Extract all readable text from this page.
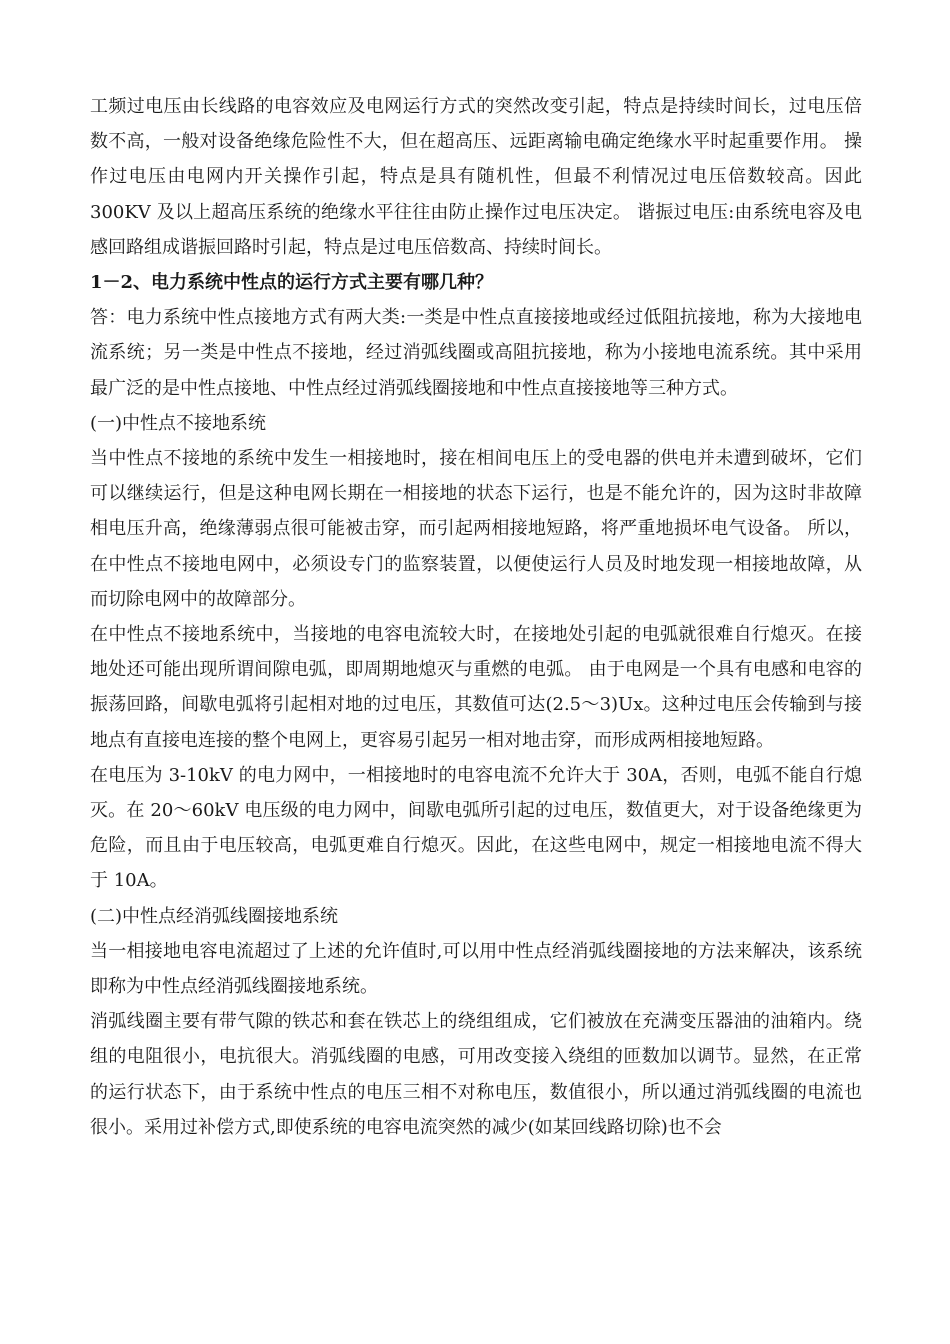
工频过电压由长线路的电容效应及电网运行方式的突然改变引起，特点是持续时间长，过电压倍数不高，一般对设备绝缘危险性不大，但在超高压、远距离输电确定绝缘水平时起重要作用。 操作过电压由电网内开关操作引起，特点是具有随机性，但最不利情况过电压倍数较高。因此 300KV 及以上超高压系统的绝缘水平往往由防止操作过电压决定。 谐振过电压:由系统电容及电感回路组成谐振回路时引起，特点是过电压倍数高、持续时间长。

1－2、电力系统中性点的运行方式主要有哪几种？

答：电力系统中性点接地方式有两大类:一类是中性点直接接地或经过低阻抗接地，称为大接地电流系统；另一类是中性点不接地，经过消弧线圈或高阻抗接地，称为小接地电流系统。其中采用最广泛的是中性点接地、中性点经过消弧线圈接地和中性点直接接地等三种方式。

(一)中性点不接地系统

当中性点不接地的系统中发生一相接地时，接在相间电压上的受电器的供电并未遭到破坏，它们可以继续运行，但是这种电网长期在一相接地的状态下运行，也是不能允许的，因为这时非故障相电压升高，绝缘薄弱点很可能被击穿，而引起两相接地短路，将严重地损坏电气设备。 所以，在中性点不接地电网中，必须设专门的监察装置，以便使运行人员及时地发现一相接地故障，从而切除电网中的故障部分。

在中性点不接地系统中，当接地的电容电流较大时，在接地处引起的电弧就很难自行熄灭。在接地处还可能出现所谓间隙电弧，即周期地熄灭与重燃的电弧。 由于电网是一个具有电感和电容的振荡回路，间歇电弧将引起相对地的过电压，其数值可达(2.5～3)Ux。这种过电压会传输到与接地点有直接电连接的整个电网上，更容易引起另一相对地击穿，而形成两相接地短路。

在电压为 3-10kV 的电力网中，一相接地时的电容电流不允许大于 30A，否则，电弧不能自行熄灭。在 20～60kV 电压级的电力网中，间歇电弧所引起的过电压，数值更大，对于设备绝缘更为危险，而且由于电压较高，电弧更难自行熄灭。因此，在这些电网中，规定一相接地电流不得大于 10A。

(二)中性点经消弧线圈接地系统

当一相接地电容电流超过了上述的允许值时,可以用中性点经消弧线圈接地的方法来解决，该系统即称为中性点经消弧线圈接地系统。

消弧线圈主要有带气隙的铁芯和套在铁芯上的绕组组成，它们被放在充满变压器油的油箱内。绕组的电阻很小，电抗很大。消弧线圈的电感，可用改变接入绕组的匝数加以调节。显然，在正常的运行状态下，由于系统中性点的电压三相不对称电压，数值很小，所以通过消弧线圈的电流也很小。采用过补偿方式,即使系统的电容电流突然的减少(如某回线路切除)也不会
